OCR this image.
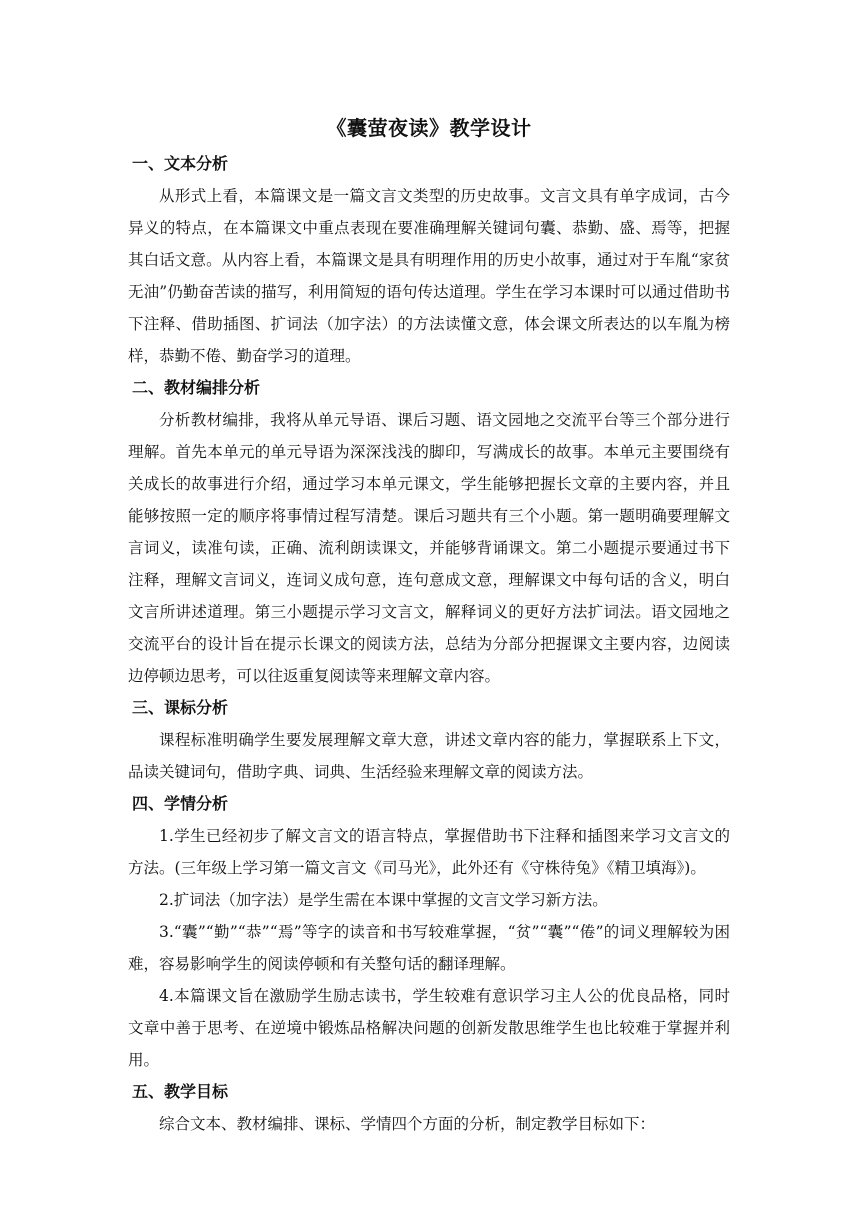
《囊萤夜读》教学设计

一、文本分析

从形式上看，本篇课文是一篇文言文类型的历史故事。文言文具有单字成词，古今异义的特点，在本篇课文中重点表现在要准确理解关键词句囊、恭勤、盛、焉等，把握其白话文意。从内容上看，本篇课文是具有明理作用的历史小故事，通过对于车胤“家贫无油”仍勤奋苦读的描写，利用简短的语句传达道理。学生在学习本课时可以通过借助书下注释、借助插图、扩词法（加字法）的方法读懂文意，体会课文所表达的以车胤为榜样，恭勤不倦、勤奋学习的道理。

二、教材编排分析

分析教材编排，我将从单元导语、课后习题、语文园地之交流平台等三个部分进行理解。首先本单元的单元导语为深深浅浅的脚印，写满成长的故事。本单元主要围绕有关成长的故事进行介绍，通过学习本单元课文，学生能够把握长文章的主要内容，并且能够按照一定的顺序将事情过程写清楚。课后习题共有三个小题。第一题明确要理解文言词义，读准句读，正确、流利朗读课文，并能够背诵课文。第二小题提示要通过书下注释，理解文言词义，连词义成句意，连句意成文意，理解课文中每句话的含义，明白文言所讲述道理。第三小题提示学习文言文，解释词义的更好方法扩词法。语文园地之交流平台的设计旨在提示长课文的阅读方法，总结为分部分把握课文主要内容，边阅读边停顿边思考，可以往返重复阅读等来理解文章内容。

三、课标分析

课程标准明确学生要发展理解文章大意，讲述文章内容的能力，掌握联系上下文，品读关键词句，借助字典、词典、生活经验来理解文章的阅读方法。

四、学情分析

1.学生已经初步了解文言文的语言特点，掌握借助书下注释和插图来学习文言文的方法。(三年级上学习第一篇文言文《司马光》，此外还有《守株待兔》《精卫填海》)。

2.扩词法（加字法）是学生需在本课中掌握的文言文学习新方法。

3.“囊”“勤”“恭”“焉”等字的读音和书写较难掌握，“贫”“囊”“倦”的词义理解较为困难，容易影响学生的阅读停顿和有关整句话的翻译理解。

4.本篇课文旨在激励学生励志读书，学生较难有意识学习主人公的优良品格，同时文章中善于思考、在逆境中锻炼品格解决问题的创新发散思维学生也比较难于掌握并利用。

五、教学目标

综合文本、教材编排、课标、学情四个方面的分析，制定教学目标如下：
